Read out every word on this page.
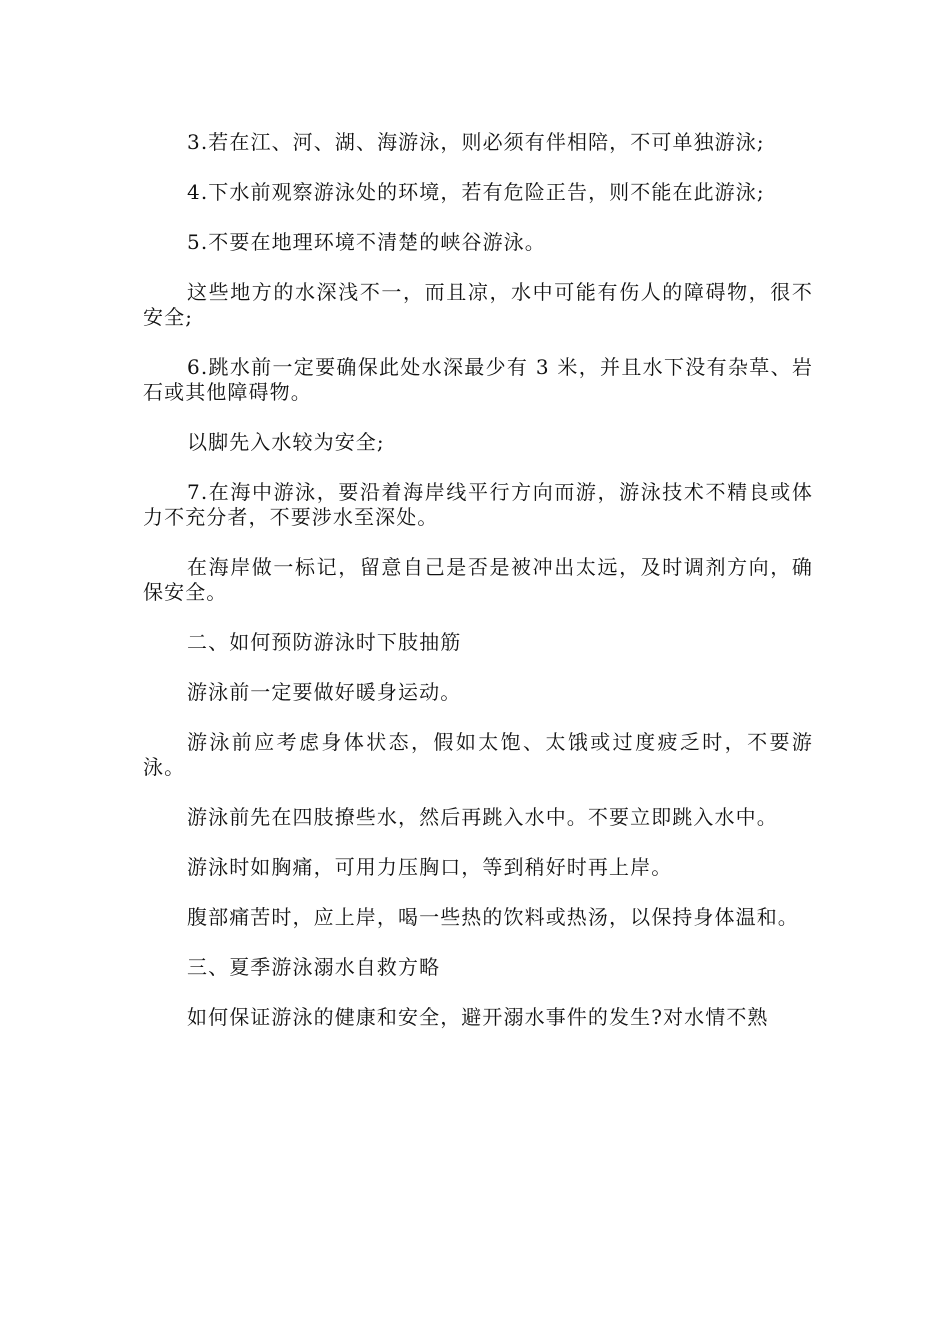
3.若在江、河、湖、海游泳，则必须有伴相陪，不可单独游泳;

4.下水前观察游泳处的环境，若有危险正告，则不能在此游泳;

5.不要在地理环境不清楚的峡谷游泳。

这些地方的水深浅不一，而且凉，水中可能有伤人的障碍物，很不安全;

6.跳水前一定要确保此处水深最少有 3 米，并且水下没有杂草、岩石或其他障碍物。

以脚先入水较为安全;

7.在海中游泳，要沿着海岸线平行方向而游，游泳技术不精良或体力不充分者，不要涉水至深处。

在海岸做一标记，留意自己是否是被冲出太远，及时调剂方向，确保安全。

二、如何预防游泳时下肢抽筋

游泳前一定要做好暖身运动。

游泳前应考虑身体状态，假如太饱、太饿或过度疲乏时，不要游泳。

游泳前先在四肢撩些水，然后再跳入水中。不要立即跳入水中。

游泳时如胸痛，可用力压胸口，等到稍好时再上岸。

腹部痛苦时，应上岸，喝一些热的饮料或热汤，以保持身体温和。

三、夏季游泳溺水自救方略

如何保证游泳的健康和安全，避开溺水事件的发生?对水情不熟
